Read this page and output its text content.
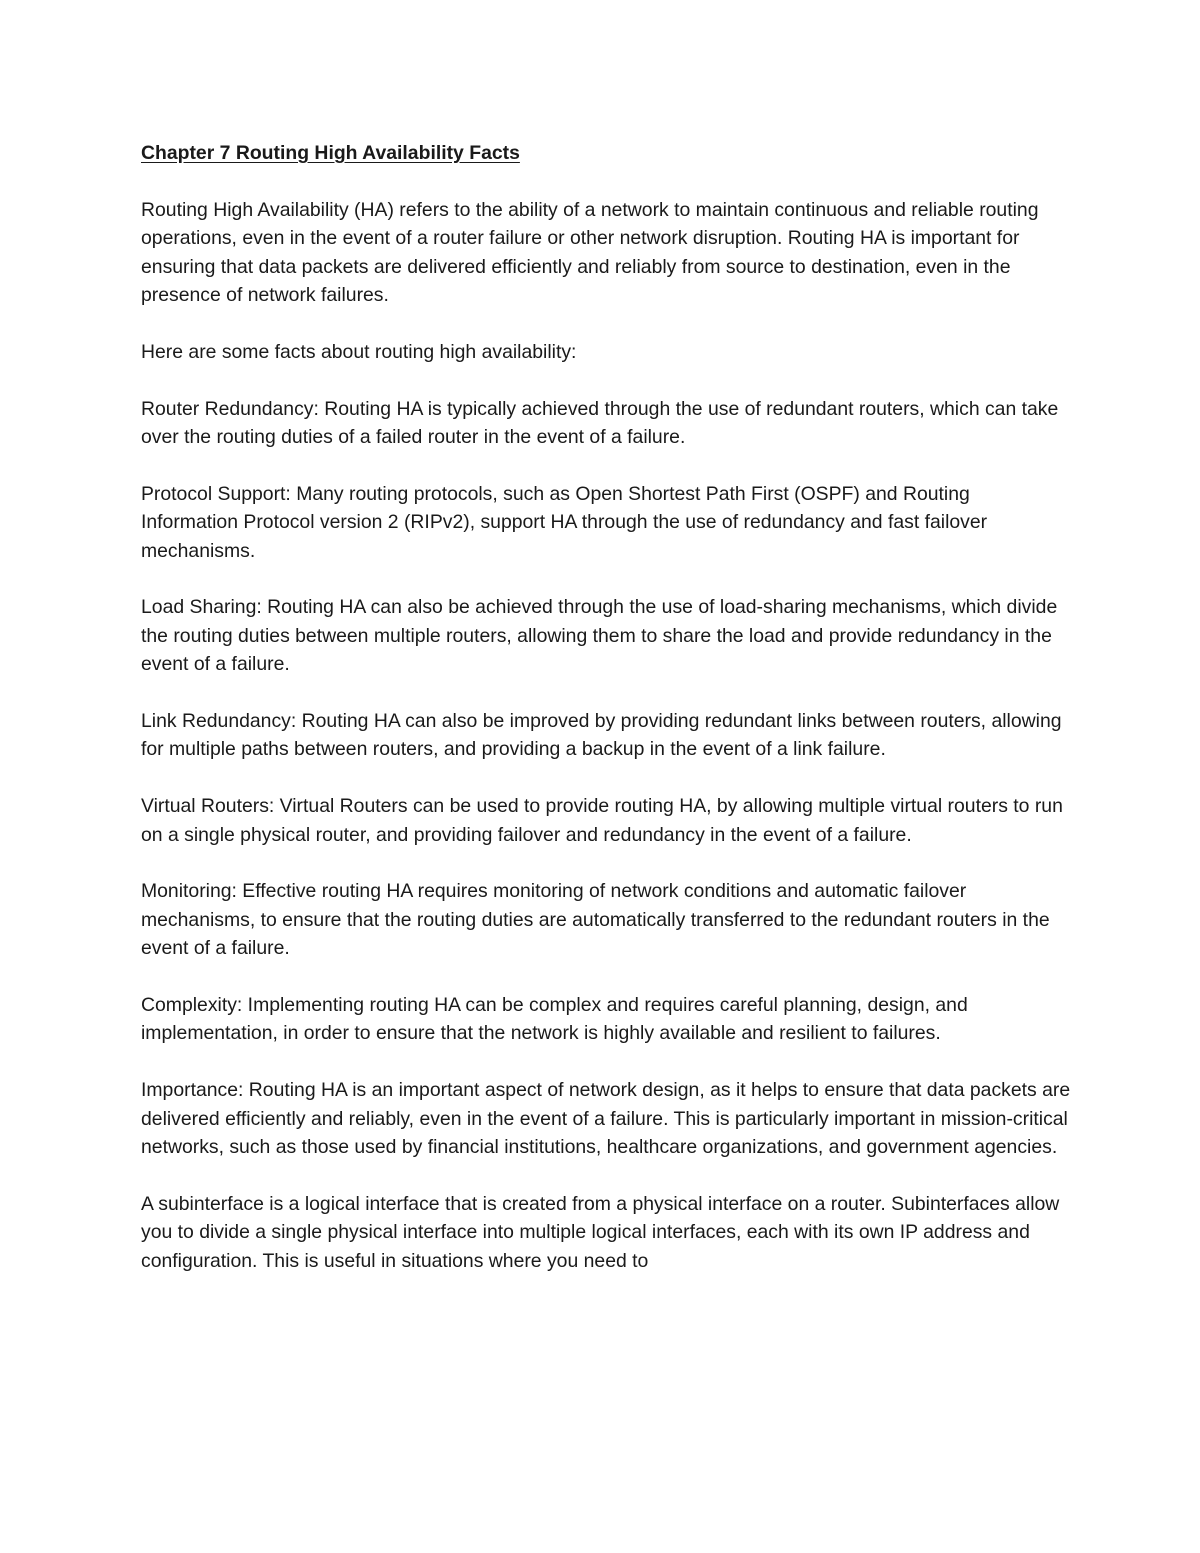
Chapter 7 Routing High Availability Facts

Routing High Availability (HA) refers to the ability of a network to maintain continuous and reliable routing operations, even in the event of a router failure or other network disruption. Routing HA is important for ensuring that data packets are delivered efficiently and reliably from source to destination, even in the presence of network failures.

Here are some facts about routing high availability:

Router Redundancy: Routing HA is typically achieved through the use of redundant routers, which can take over the routing duties of a failed router in the event of a failure.

Protocol Support: Many routing protocols, such as Open Shortest Path First (OSPF) and Routing Information Protocol version 2 (RIPv2), support HA through the use of redundancy and fast failover mechanisms.

Load Sharing: Routing HA can also be achieved through the use of load-sharing mechanisms, which divide the routing duties between multiple routers, allowing them to share the load and provide redundancy in the event of a failure.

Link Redundancy: Routing HA can also be improved by providing redundant links between routers, allowing for multiple paths between routers, and providing a backup in the event of a link failure.

Virtual Routers: Virtual Routers can be used to provide routing HA, by allowing multiple virtual routers to run on a single physical router, and providing failover and redundancy in the event of a failure.

Monitoring: Effective routing HA requires monitoring of network conditions and automatic failover mechanisms, to ensure that the routing duties are automatically transferred to the redundant routers in the event of a failure.

Complexity: Implementing routing HA can be complex and requires careful planning, design, and implementation, in order to ensure that the network is highly available and resilient to failures.

Importance: Routing HA is an important aspect of network design, as it helps to ensure that data packets are delivered efficiently and reliably, even in the event of a failure. This is particularly important in mission-critical networks, such as those used by financial institutions, healthcare organizations, and government agencies.

A subinterface is a logical interface that is created from a physical interface on a router. Subinterfaces allow you to divide a single physical interface into multiple logical interfaces, each with its own IP address and configuration. This is useful in situations where you need to
